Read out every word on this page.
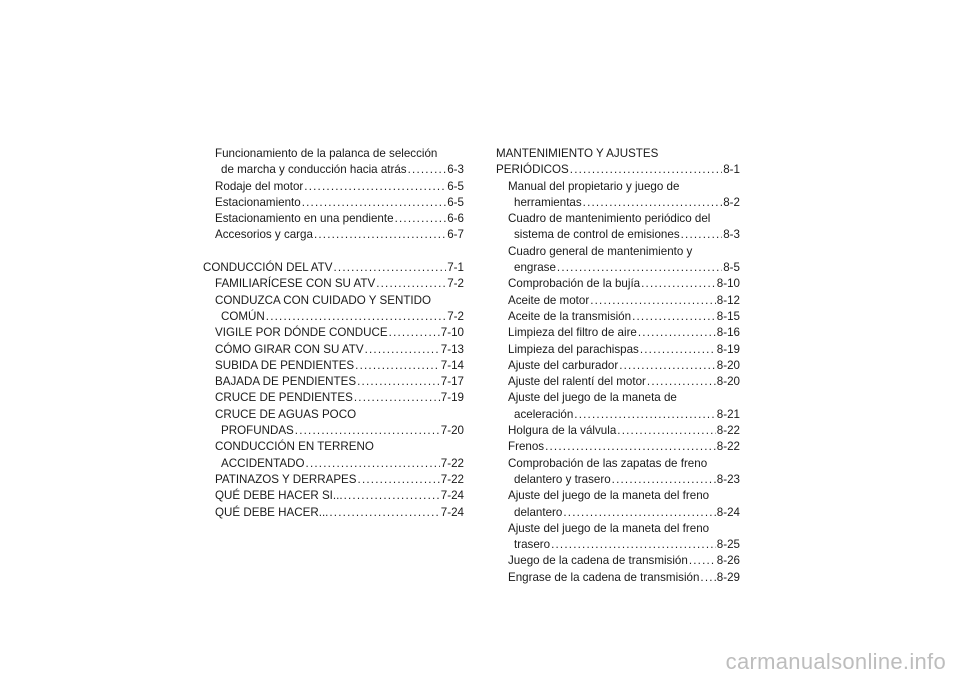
Funcionamiento de la palanca de selección
de marcha y conducción hacia atrás .....	6-3
Rodaje del motor .....	6-5
Estacionamiento .....	6-5
Estacionamiento en una pendiente .....	6-6
Accesorios y carga .....	6-7
CONDUCCIÓN DEL ATV .....	7-1
FAMILIARÍCESE CON SU ATV .....	7-2
CONDUZCA CON CUIDADO Y SENTIDO
COMÚN .....	7-2
VIGILE POR DÓNDE CONDUCE .....	7-10
CÓMO GIRAR CON SU ATV .....	7-13
SUBIDA DE PENDIENTES .....	7-14
BAJADA DE PENDIENTES .....	7-17
CRUCE DE PENDIENTES .....	7-19
CRUCE DE AGUAS POCO
PROFUNDAS .....	7-20
CONDUCCIÓN EN TERRENO
ACCIDENTADO .....	7-22
PATINAZOS Y DERRAPES .....	7-22
QUÉ DEBE HACER SI... .....	7-24
QUÉ DEBE HACER... .....	7-24
MANTENIMIENTO Y AJUSTES
PERIÓDICOS .....	8-1
Manual del propietario y juego de
herramientas .....	8-2
Cuadro de mantenimiento periódico del
sistema de control de emisiones .....	8-3
Cuadro general de mantenimiento y
engrase .....	8-5
Comprobación de la bujía .....	8-10
Aceite de motor .....	8-12
Aceite de la transmisión .....	8-15
Limpieza del filtro de aire .....	8-16
Limpieza del parachispas .....	8-19
Ajuste del carburador .....	8-20
Ajuste del ralentí del motor .....	8-20
Ajuste del juego de la maneta de
aceleración .....	8-21
Holgura de la válvula .....	8-22
Frenos .....	8-22
Comprobación de las zapatas de freno
delantero y trasero .....	8-23
Ajuste del juego de la maneta del freno
delantero .....	8-24
Ajuste del juego de la maneta del freno
trasero .....	8-25
Juego de la cadena de transmisión ..... 8-26
Engrase de la cadena de transmisión ..... 8-29
carmanualsonline.info
